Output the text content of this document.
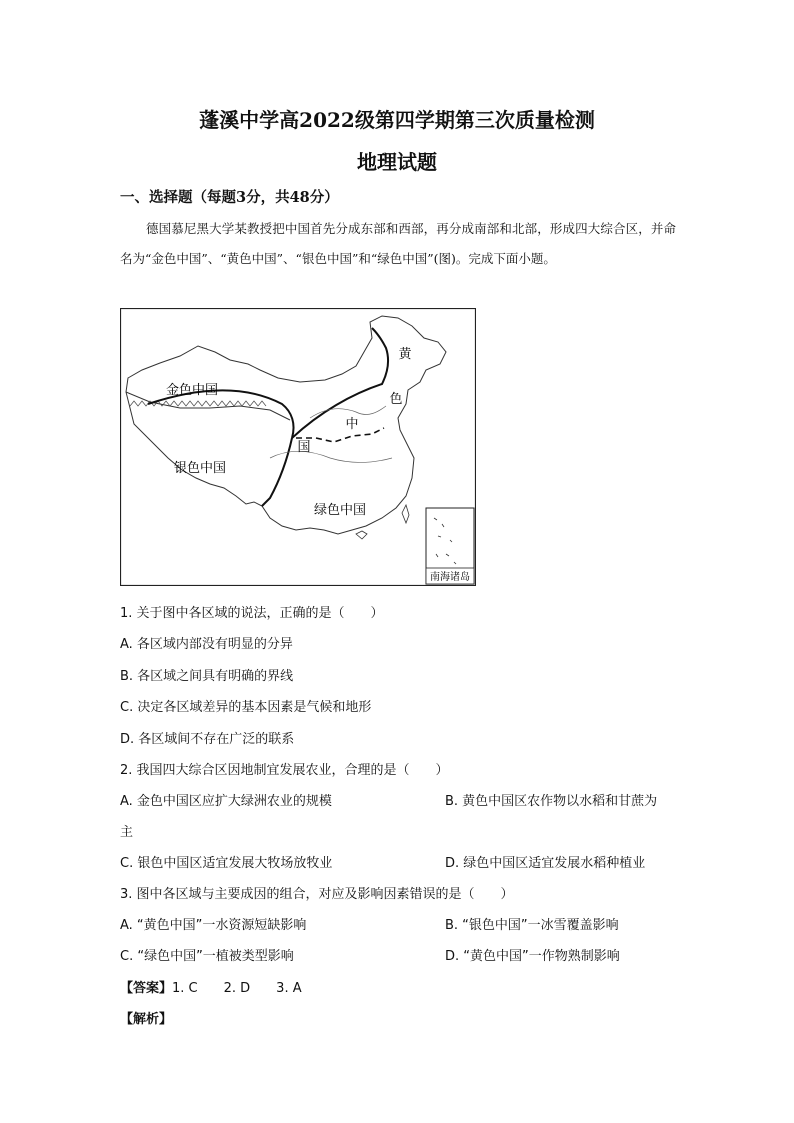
蓬溪中学高2022级第四学期第三次质量检测
地理试题
一、选择题（每题3分，共48分）
德国慕尼黑大学某教授把中国首先分成东部和西部，再分成南部和北部，形成四大综合区，并命名为“金色中国”、“黄色中国”、“银色中国”和“绿色中国”(图)。完成下面小题。
南海诸岛
金色中国
银色中国
绿色中国
黄
色
中
国
1. 关于图中各区域的说法，正确的是（　　）
A. 各区域内部没有明显的分异
B. 各区域之间具有明确的界线
C. 决定各区域差异的基本因素是气候和地形
D. 各区域间不存在广泛的联系
2. 我国四大综合区因地制宜发展农业，合理的是（　　）
A. 金色中国区应扩大绿洲农业的规模	B. 黄色中国区农作物以水稻和甘蔗为
主
C. 银色中国区适宜发展大牧场放牧业	D. 绿色中国区适宜发展水稻种植业
3. 图中各区域与主要成因的组合，对应及影响因素错误的是（　　）
A. “黄色中国”一水资源短缺影响	B. “银色中国”一冰雪覆盖影响
C. “绿色中国”一植被类型影响	D. “黄色中国”一作物熟制影响
【答案】1. C　　2. D　　3. A
【解析】
